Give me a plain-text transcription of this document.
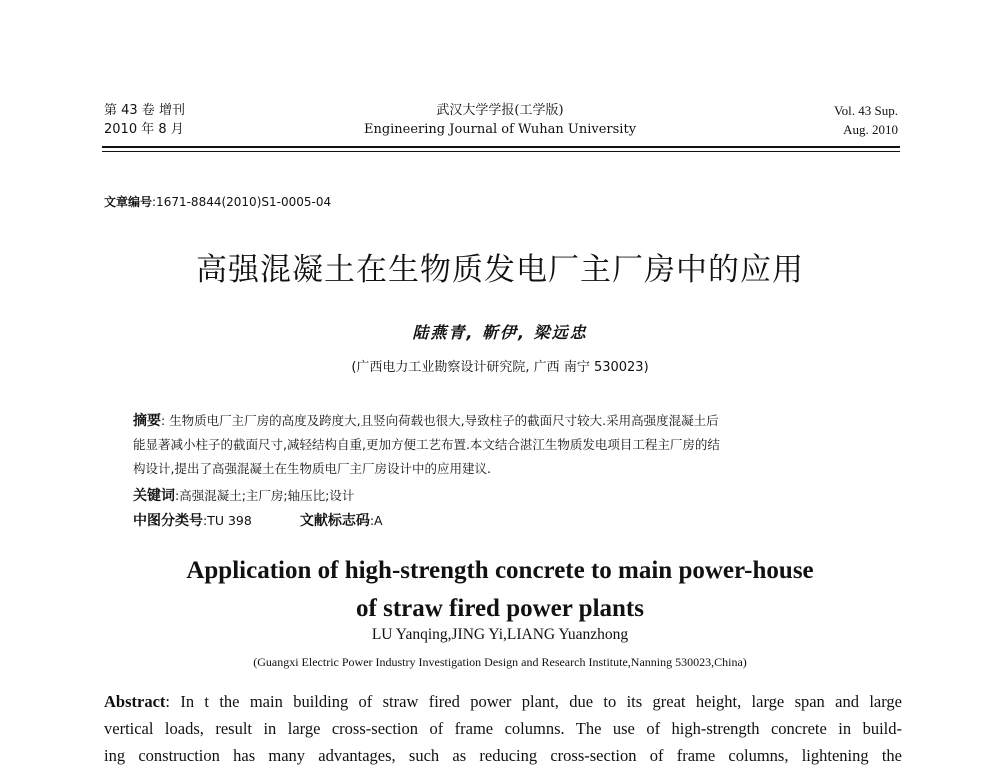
第 43 卷 增刊
2010 年 8 月
武汉大学学报(工学版)
Engineering Journal of Wuhan University
Vol. 43 Sup.
Aug. 2010
文章编号:1671-8844(2010)S1-0005-04
高强混凝土在生物质发电厂主厂房中的应用
陆燕青, 靳伊, 梁远忠
(广西电力工业勘察设计研究院, 广西 南宁 530023)
摘要: 生物质电厂主厂房的高度及跨度大,且竖向荷载也很大,导致柱子的截面尺寸较大.采用高强度混凝土后
能显著减小柱子的截面尺寸,减轻结构自重,更加方便工艺布置.本文结合湛江生物质发电项目工程主厂房的结
构设计,提出了高强混凝土在生物质电厂主厂房设计中的应用建议.
关键词:高强混凝土;主厂房;轴压比;设计
中图分类号:TU 398	文献标志码:A
Application of high-strength concrete to main power-house
of straw fired power plants
LU Yanqing,JING Yi,LIANG Yuanzhong
(Guangxi Electric Power Industry Investigation Design and Research Institute,Nanning 530023,China)
Abstract: In t the main building of straw fired power plant, due to its great height, large span and large
vertical loads, result in large cross-section of frame columns. The use of high-strength concrete in build-
ing construction has many advantages, such as reducing cross-section of frame columns, lightening the
